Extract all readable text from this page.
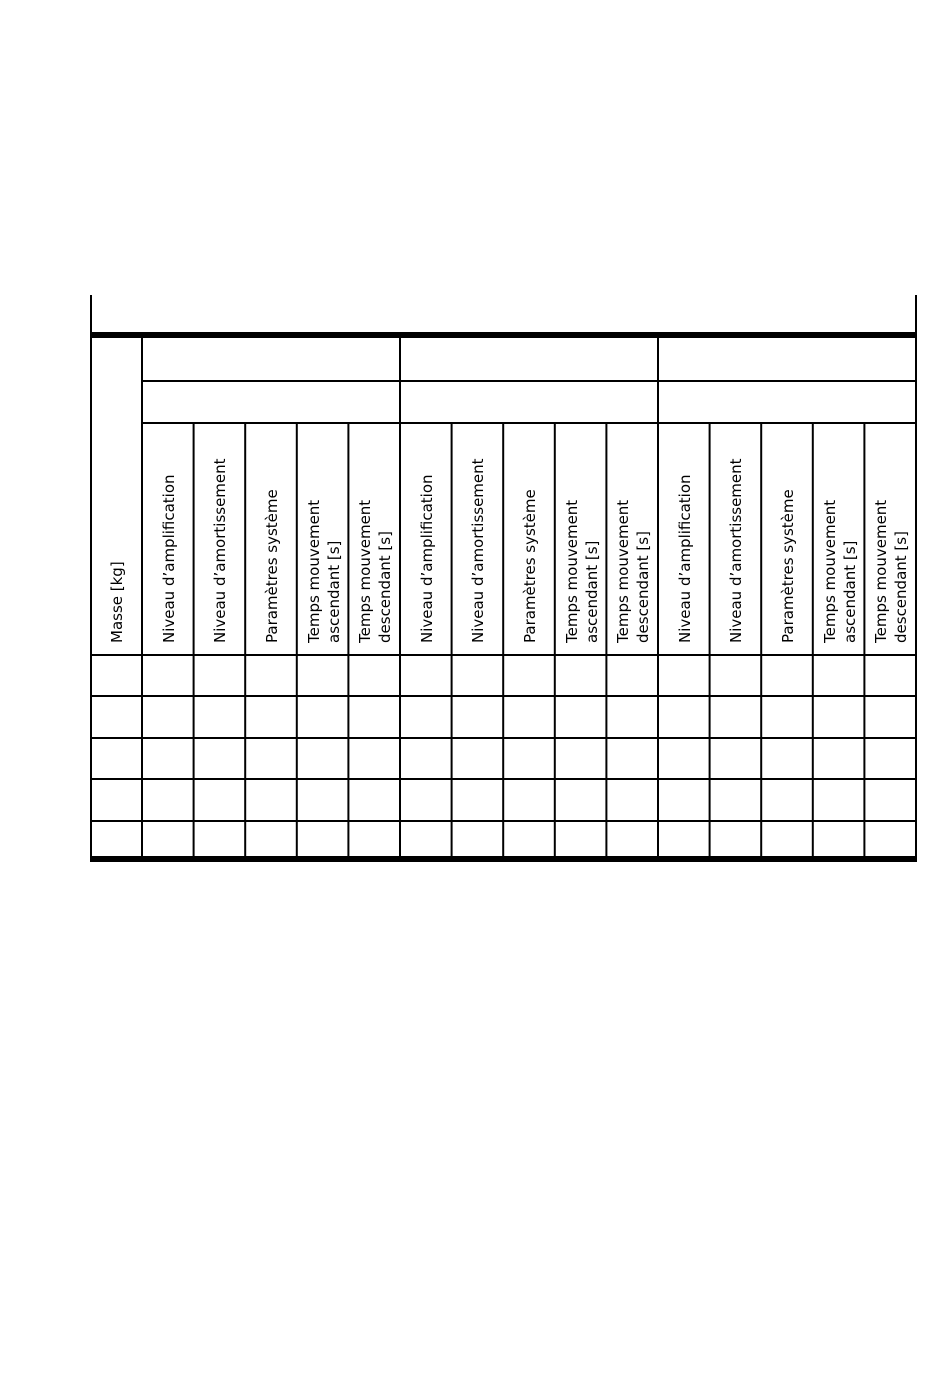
Masse [kg] Niveau d’amplification Niveau d’amortissement Paramètres système Temps mouvement ascendant [s] Temps mouvement descendant [s] Niveau d’amplification Niveau d’amortissement Paramètres système Temps mouvement ascendant [s] Temps mouvement descendant [s] Niveau d’amplification Niveau d’amortissement Paramètres système Temps mouvement ascendant [s] Temps mouvement descendant [s]
